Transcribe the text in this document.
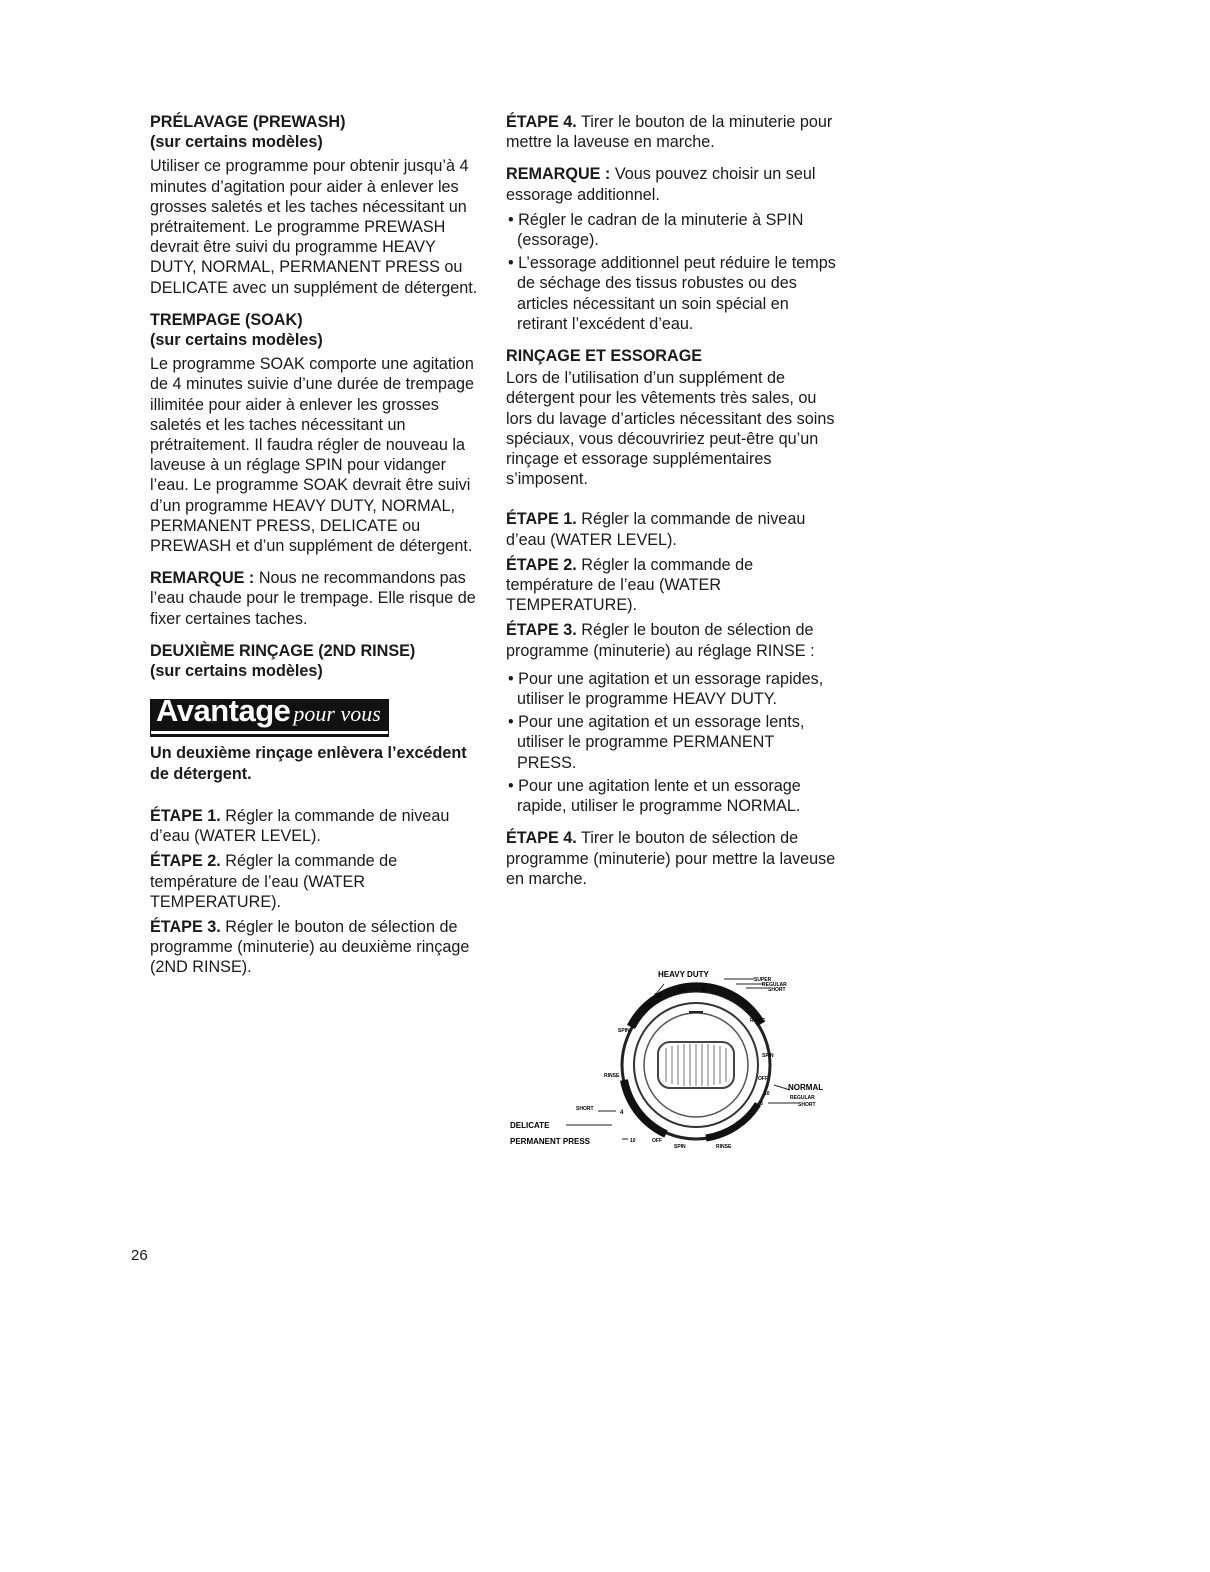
PRÉLAVAGE (PREWASH)
(sur certains modèles)

Utiliser ce programme pour obtenir jusqu’à 4 minutes d’agitation pour aider à enlever les grosses saletés et les taches nécessitant un prétraitement. Le programme PREWASH devrait être suivi du programme HEAVY DUTY, NORMAL, PERMANENT PRESS ou DELICATE avec un supplément de détergent.

TREMPAGE (SOAK)
(sur certains modèles)

Le programme SOAK comporte une agitation de 4 minutes suivie d’une durée de trempage illimitée pour aider à enlever les grosses saletés et les taches nécessitant un prétraitement. Il faudra régler de nouveau la laveuse à un réglage SPIN pour vidanger l’eau. Le programme SOAK devrait être suivi d’un programme HEAVY DUTY, NORMAL, PERMANENT PRESS, DELICATE ou PREWASH et d’un supplément de détergent.

REMARQUE : Nous ne recommandons pas l’eau chaude pour le trempage. Elle risque de fixer certaines taches.

DEUXIÈME RINÇAGE (2ND RINSE)
(sur certains modèles)
Avantage pour vous

Un deuxième rinçage enlèvera l’excédent de détergent.

ÉTAPE 1. Régler la commande de niveau d’eau (WATER LEVEL).

ÉTAPE 2. Régler la commande de température de l’eau (WATER TEMPERATURE).

ÉTAPE 3. Régler le bouton de sélection de programme (minuterie) au deuxième rinçage (2ND RINSE).

ÉTAPE 4. Tirer le bouton de la minuterie pour mettre la laveuse en marche.

REMARQUE : Vous pouvez choisir un seul essorage additionnel.

• Régler le cadran de la minuterie à SPIN (essorage).
• L’essorage additionnel peut réduire le temps de séchage des tissus robustes ou des articles nécessitant un soin spécial en retirant l’excédent d’eau.
RINÇAGE ET ESSORAGE

Lors de l’utilisation d’un supplément de détergent pour les vêtements très sales, ou lors du lavage d’articles nécessitant des soins spéciaux, vous découvririez peut-être qu’un rinçage et essorage supplémentaires s’imposent.

ÉTAPE 1. Régler la commande de niveau d’eau (WATER LEVEL).

ÉTAPE 2. Régler la commande de température de l’eau (WATER TEMPERATURE).

ÉTAPE 3. Régler le bouton de sélection de programme (minuterie) au réglage RINSE :

• Pour une agitation et un essorage rapides, utiliser le programme HEAVY DUTY.
• Pour une agitation et un essorage lents, utiliser le programme PERMANENT PRESS.
• Pour une agitation lente et un essorage rapide, utiliser le programme NORMAL.

ÉTAPE 4. Tirer le bouton de sélection de programme (minuterie) pour mettre la laveuse en marche.

HEAVY DUTY
SUPER
REGULAR
SHORT
14
10	6
OFF
SPIN
RINSE
SPIN
OFF
RINSE
10
NORMAL
REGULAR
SHORT
8
SHORT
4
DELICATE
PERMANENT PRESS	10	OFF
SPIN	RINSE
26
